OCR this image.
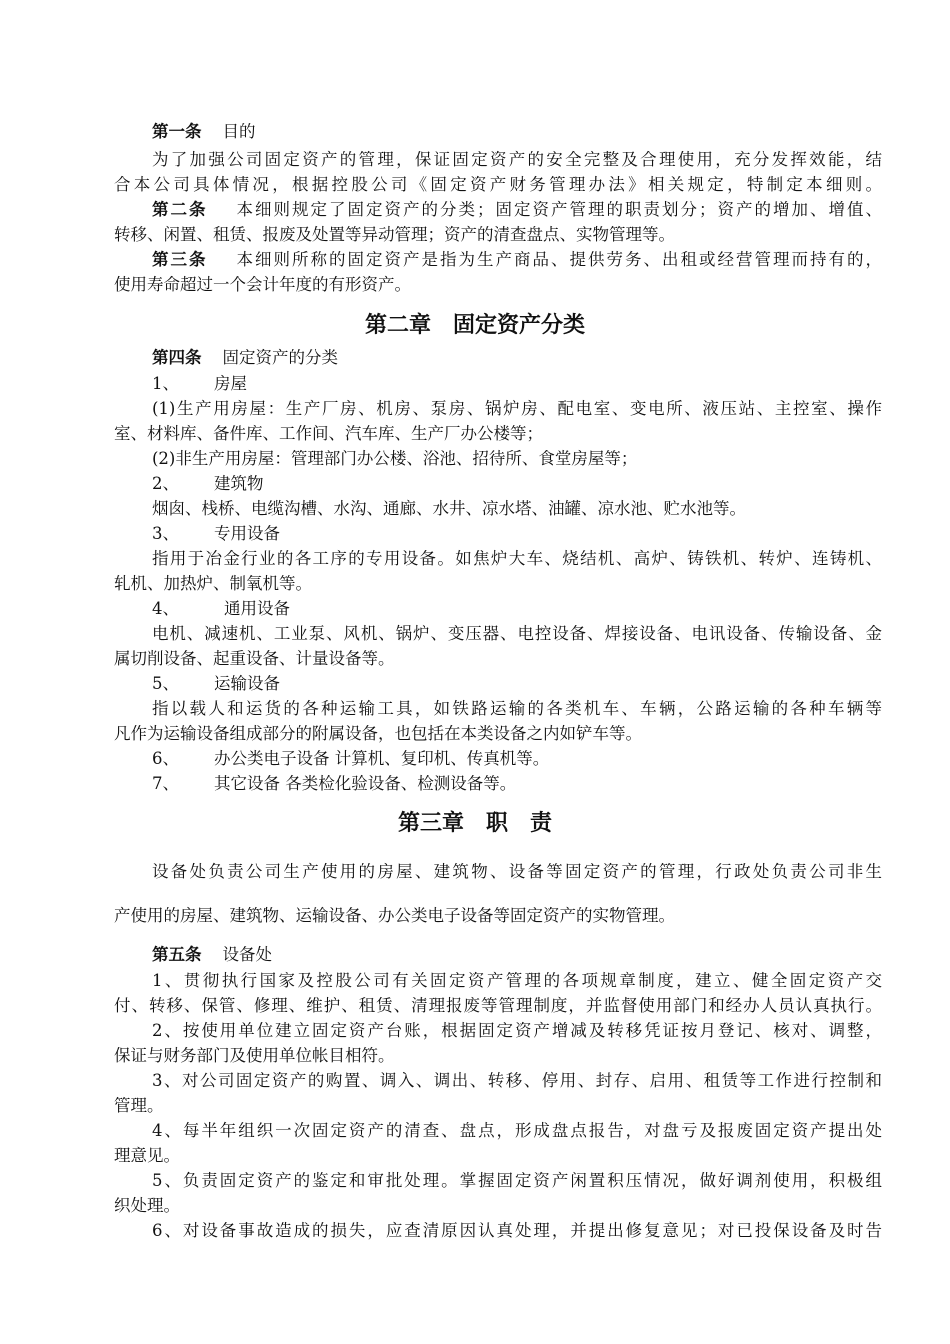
第一条 目的
为了加强公司固定资产的管理，保证固定资产的安全完整及合理使用，充分发挥效能，结
合本公司具体情况，根据控股公司《固定资产财务管理办法》相关规定，特制定本细则。
第二条 本细则规定了固定资产的分类；固定资产管理的职责划分；资产的增加、增值、
转移、闲置、租赁、报废及处置等异动管理；资产的清查盘点、实物管理等。
第三条 本细则所称的固定资产是指为生产商品、提供劳务、出租或经营管理而持有的，
使用寿命超过一个会计年度的有形资产。
第二章　固定资产分类
第四条 固定资产的分类
1、 房屋
(1)生产用房屋：生产厂房、机房、泵房、锅炉房、配电室、变电所、液压站、主控室、操作
室、材料库、备件库、工作间、汽车库、生产厂办公楼等；
(2)非生产用房屋：管理部门办公楼、浴池、招待所、食堂房屋等；
2、 建筑物
烟囱、栈桥、电缆沟槽、水沟、通廊、水井、凉水塔、油罐、凉水池、贮水池等。
3、 专用设备
指用于冶金行业的各工序的专用设备。如焦炉大车、烧结机、高炉、铸铁机、转炉、连铸机、
轧机、加热炉、制氧机等。
4、	通用设备
电机、减速机、工业泵、风机、锅炉、变压器、电控设备、焊接设备、电讯设备、传输设备、金
属切削设备、起重设备、计量设备等。
5、 运输设备
指以载人和运货的各种运输工具，如铁路运输的各类机车、车辆，公路运输的各种车辆等
凡作为运输设备组成部分的附属设备，也包括在本类设备之内如铲车等。
6、 办公类电子设备 计算机、复印机、传真机等。
7、 其它设备 各类检化验设备、检测设备等。
第三章　职　责
设备处负责公司生产使用的房屋、建筑物、设备等固定资产的管理，行政处负责公司非生
产使用的房屋、建筑物、运输设备、办公类电子设备等固定资产的实物管理。
第五条 设备处
1、贯彻执行国家及控股公司有关固定资产管理的各项规章制度，建立、健全固定资产交
付、转移、保管、修理、维护、租赁、清理报废等管理制度，并监督使用部门和经办人员认真执行。
2、按使用单位建立固定资产台账，根据固定资产增减及转移凭证按月登记、核对、调整，
保证与财务部门及使用单位帐目相符。
3、对公司固定资产的购置、调入、调出、转移、停用、封存、启用、租赁等工作进行控制和
管理。
4、每半年组织一次固定资产的清查、盘点，形成盘点报告，对盘亏及报废固定资产提出处
理意见。
5、负责固定资产的鉴定和审批处理。掌握固定资产闲置积压情况，做好调剂使用，积极组
织处理。
6、对设备事故造成的损失，应查清原因认真处理，并提出修复意见；对已投保设备及时告
